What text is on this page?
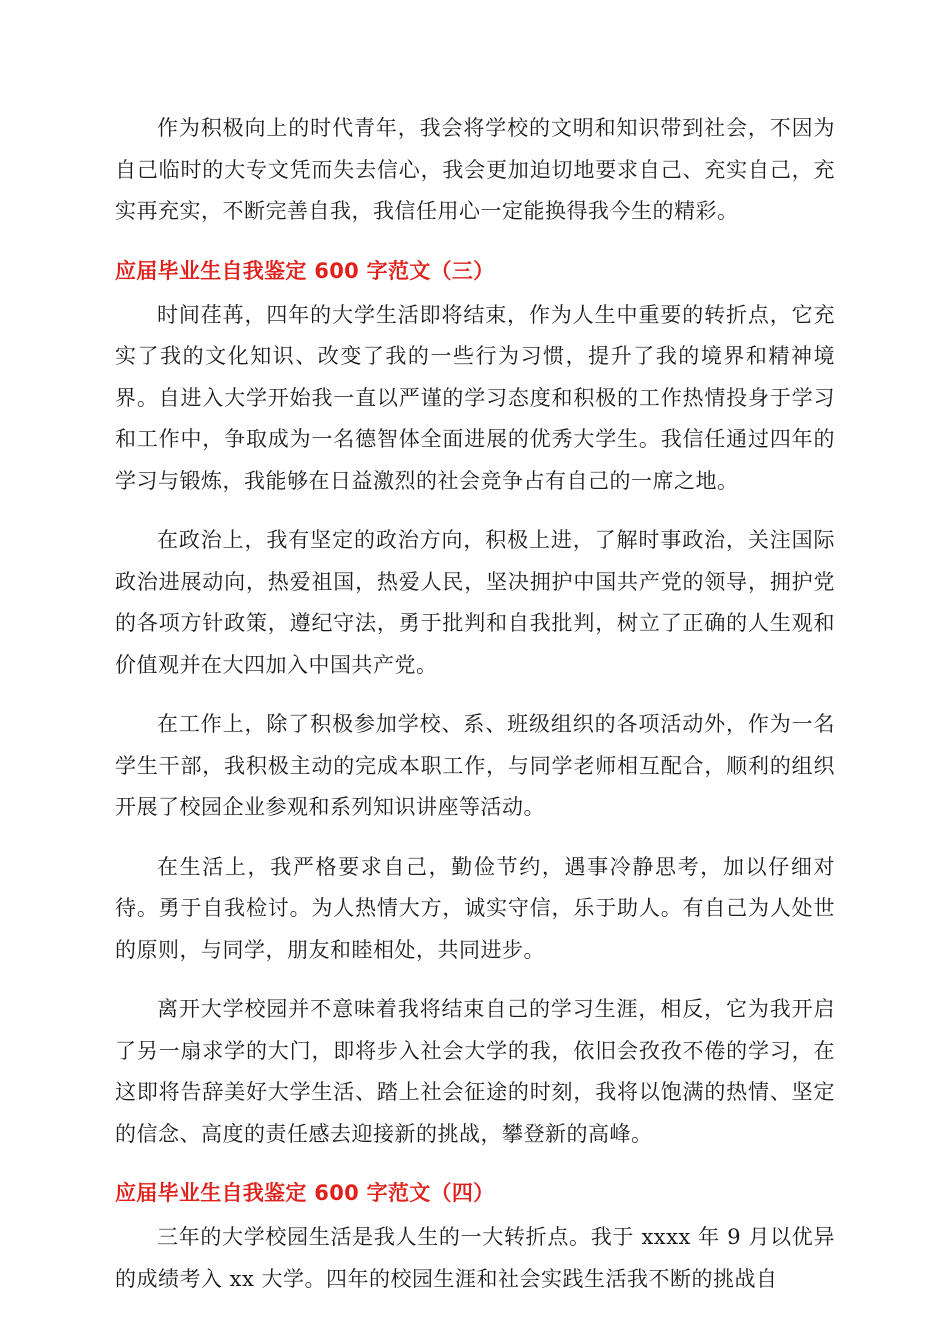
作为积极向上的时代青年，我会将学校的文明和知识带到社会，不因为自己临时的大专文凭而失去信心，我会更加迫切地要求自己、充实自己，充实再充实，不断完善自我，我信任用心一定能换得我今生的精彩。

应届毕业生自我鉴定 600 字范文（三）

时间荏苒，四年的大学生活即将结束，作为人生中重要的转折点，它充实了我的文化知识、改变了我的一些行为习惯，提升了我的境界和精神境界。自进入大学开始我一直以严谨的学习态度和积极的工作热情投身于学习和工作中，争取成为一名德智体全面进展的优秀大学生。我信任通过四年的学习与锻炼，我能够在日益激烈的社会竞争占有自己的一席之地。

在政治上，我有坚定的政治方向，积极上进，了解时事政治，关注国际政治进展动向，热爱祖国，热爱人民，坚决拥护中国共产党的领导，拥护党的各项方针政策，遵纪守法，勇于批判和自我批判，树立了正确的人生观和价值观并在大四加入中国共产党。

在工作上，除了积极参加学校、系、班级组织的各项活动外，作为一名学生干部，我积极主动的完成本职工作，与同学老师相互配合，顺利的组织开展了校园企业参观和系列知识讲座等活动。

在生活上，我严格要求自己，勤俭节约，遇事冷静思考，加以仔细对待。勇于自我检讨。为人热情大方，诚实守信，乐于助人。有自己为人处世的原则，与同学，朋友和睦相处，共同进步。

离开大学校园并不意味着我将结束自己的学习生涯，相反，它为我开启了另一扇求学的大门，即将步入社会大学的我，依旧会孜孜不倦的学习，在这即将告辞美好大学生活、踏上社会征途的时刻，我将以饱满的热情、坚定的信念、高度的责任感去迎接新的挑战，攀登新的高峰。

应届毕业生自我鉴定 600 字范文（四）

三年的大学校园生活是我人生的一大转折点。我于 xxxx 年 9 月以优异的成绩考入 xx 大学。四年的校园生涯和社会实践生活我不断的挑战自
